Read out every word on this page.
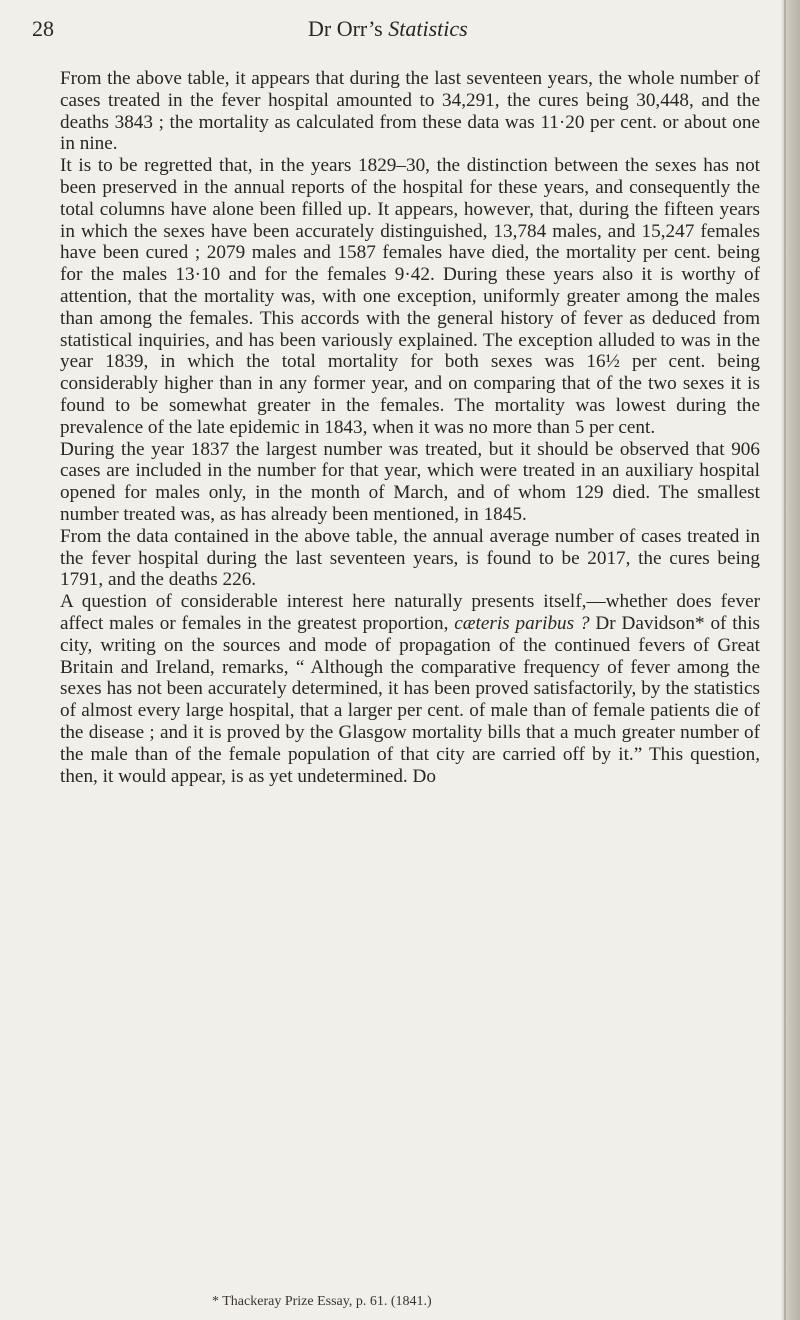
28	Dr Orr’s Statistics

From the above table, it appears that during the last seventeen years, the whole number of cases treated in the fever hospital amounted to 34,291, the cures being 30,448, and the deaths 3843 ; the mortality as calculated from these data was 11·20 per cent. or about one in nine.

It is to be regretted that, in the years 1829–30, the distinction between the sexes has not been preserved in the annual reports of the hospital for these years, and consequently the total columns have alone been filled up. It appears, however, that, during the fifteen years in which the sexes have been accurately distinguished, 13,784 males, and 15,247 females have been cured ; 2079 males and 1587 females have died, the mortality per cent. being for the males 13·10 and for the females 9·42. During these years also it is worthy of attention, that the mortality was, with one exception, uniformly greater among the males than among the females. This accords with the general history of fever as deduced from statistical inquiries, and has been variously explained. The exception alluded to was in the year 1839, in which the total mortality for both sexes was 16½ per cent. being considerably higher than in any former year, and on comparing that of the two sexes it is found to be somewhat greater in the females. The mortality was lowest during the prevalence of the late epidemic in 1843, when it was no more than 5 per cent.

During the year 1837 the largest number was treated, but it should be observed that 906 cases are included in the number for that year, which were treated in an auxiliary hospital opened for males only, in the month of March, and of whom 129 died. The smallest number treated was, as has already been mentioned, in 1845.

From the data contained in the above table, the annual average number of cases treated in the fever hospital during the last seventeen years, is found to be 2017, the cures being 1791, and the deaths 226.

A question of considerable interest here naturally presents itself,—whether does fever affect males or females in the greatest proportion, cæteris paribus ? Dr Davidson* of this city, writing on the sources and mode of propagation of the continued fevers of Great Britain and Ireland, remarks, “ Although the comparative frequency of fever among the sexes has not been accurately determined, it has been proved satisfactorily, by the statistics of almost every large hospital, that a larger per cent. of male than of female patients die of the disease ; and it is proved by the Glasgow mortality bills that a much greater number of the male than of the female population of that city are carried off by it.” This question, then, it would appear, is as yet undetermined. Do

* Thackeray Prize Essay, p. 61. (1841.)
